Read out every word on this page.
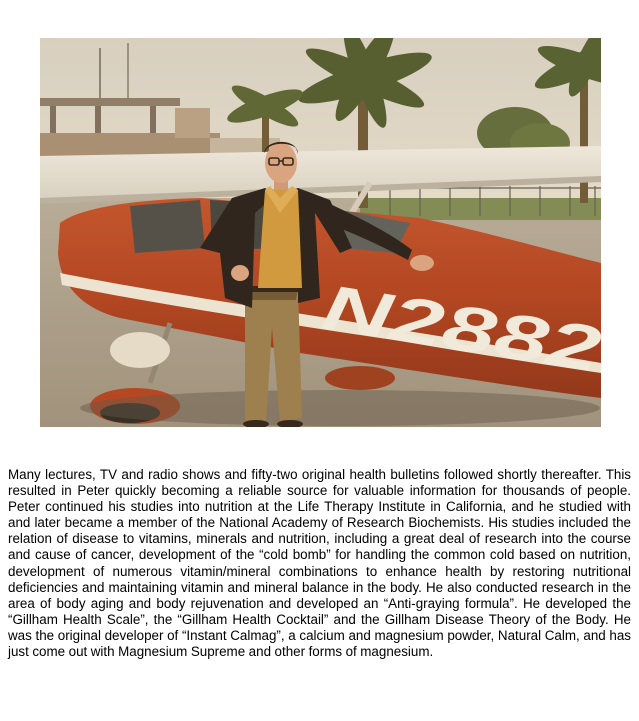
N2882

Many lectures, TV and radio shows and fifty-two original health bulletins followed shortly thereafter. This resulted in Peter quickly becoming a reliable source for valuable information for thousands of people. Peter continued his studies into nutrition at the Life Therapy Institute in California, and he studied with and later became a member of the National Academy of Research Biochemists. His studies included the relation of disease to vitamins, minerals and nutrition, including a great deal of research into the course and cause of cancer, development of the “cold bomb” for handling the common cold based on nutrition, development of numerous vitamin/mineral combinations to enhance health by restoring nutritional deficiencies and maintaining vitamin and mineral balance in the body. He also conducted research in the area of body aging and body rejuvenation and developed an “Anti-graying formula”. He developed the “Gillham Health Scale”, the “Gillham Health Cocktail” and the Gillham Disease Theory of the Body. He was the original developer of “Instant Calmag”, a calcium and magnesium powder, Natural Calm, and has just come out with Magnesium Supreme and other forms of magnesium.
